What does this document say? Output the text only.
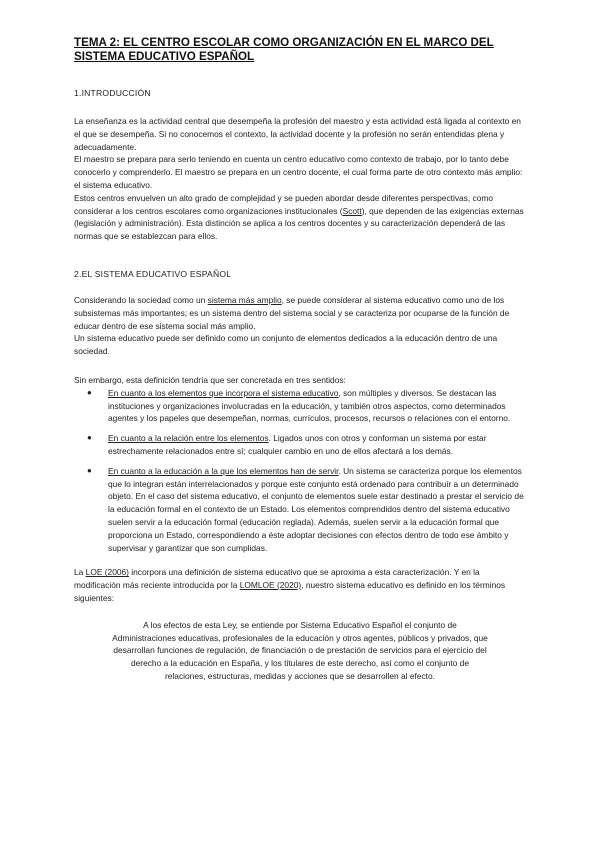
TEMA 2: EL CENTRO ESCOLAR COMO ORGANIZACIÓN EN EL MARCO DEL
SISTEMA EDUCATIVO ESPAÑOL
1.INTRODUCCIÓN

La enseñanza es la actividad central que desempeña la profesión del maestro y esta actividad está ligada al contexto en el que se desempeña. Si no conocemos el contexto, la actividad docente y la profesión no serán entendidas plena y adecuadamente.

El maestro se prepara para serlo teniendo en cuenta un centro educativo como contexto de trabajo, por lo tanto debe conocerlo y comprenderlo. El maestro se prepara en un centro docente, el cual forma parte de otro contexto más amplio: el sistema educativo.

Estos centros envuelven un alto grado de complejidad y se pueden abordar desde diferentes perspectivas, como considerar a los centros escolares como organizaciones institucionales (Scott), que dependen de las exigencias externas (legislación y administración). Esta distinción se aplica a los centros docentes y su caracterización dependerá de las normas que se establezcan para ellos.

2.EL SISTEMA EDUCATIVO ESPAÑOL

Considerando la sociedad como un sistema más amplio, se puede considerar al sistema educativo como uno de los subsistemas más importantes; es un sistema dentro del sistema social y se caracteriza por ocuparse de la función de educar dentro de ese sistema social más amplio.

Un sistema educativo puede ser definido como un conjunto de elementos dedicados a la educación dentro de una sociedad.

Sin embargo, esta definición tendría que ser concretada en tres sentidos:

● En cuanto a los elementos que incorpora el sistema educativo, son múltiples y diversos. Se destacan las instituciones y organizaciones involucradas en la educación, y también otros aspectos, como determinados agentes y los papeles que desempeñan, normas, currículos, procesos, recursos o relaciones con el entorno.
● En cuanto a la relación entre los elementos. Ligados unos con otros y conforman un sistema por estar estrechamente relacionados entre sí; cualquier cambio en uno de ellos afectará a los demás.
● En cuanto a la educación a la que los elementos han de servir. Un sistema se caracteriza porque los elementos que lo integran están interrelacionados y porque este conjunto está ordenado para contribuir a un determinado objeto. En el caso del sistema educativo, el conjunto de elementos suele estar destinado a prestar el servicio de la educación formal en el contexto de un Estado. Los elementos comprendidos dentro del sistema educativo suelen servir a la educación formal (educación reglada). Además, suelen servir a la educación formal que proporciona un Estado, correspondiendo a éste adoptar decisiones con efectos dentro de todo ese ámbito y supervisar y garantizar que son cumplidas.

La LOE (2006) incorpora una definición de sistema educativo que se aproxima a esta caracterización. Y en la modificación más reciente introducida por la LOMLOE (2020), nuestro sistema educativo es definido en los términos siguientes:

A los efectos de esta Ley, se entiende por Sistema Educativo Español el conjunto de
Administraciones educativas, profesionales de la educación y otros agentes, públicos y privados, que
desarrollan funciones de regulación, de financiación o de prestación de servicios para el ejercicio del
derecho a la educación en España, y los titulares de este derecho, así como el conjunto de
relaciones, estructuras, medidas y acciones que se desarrollen al efecto.
